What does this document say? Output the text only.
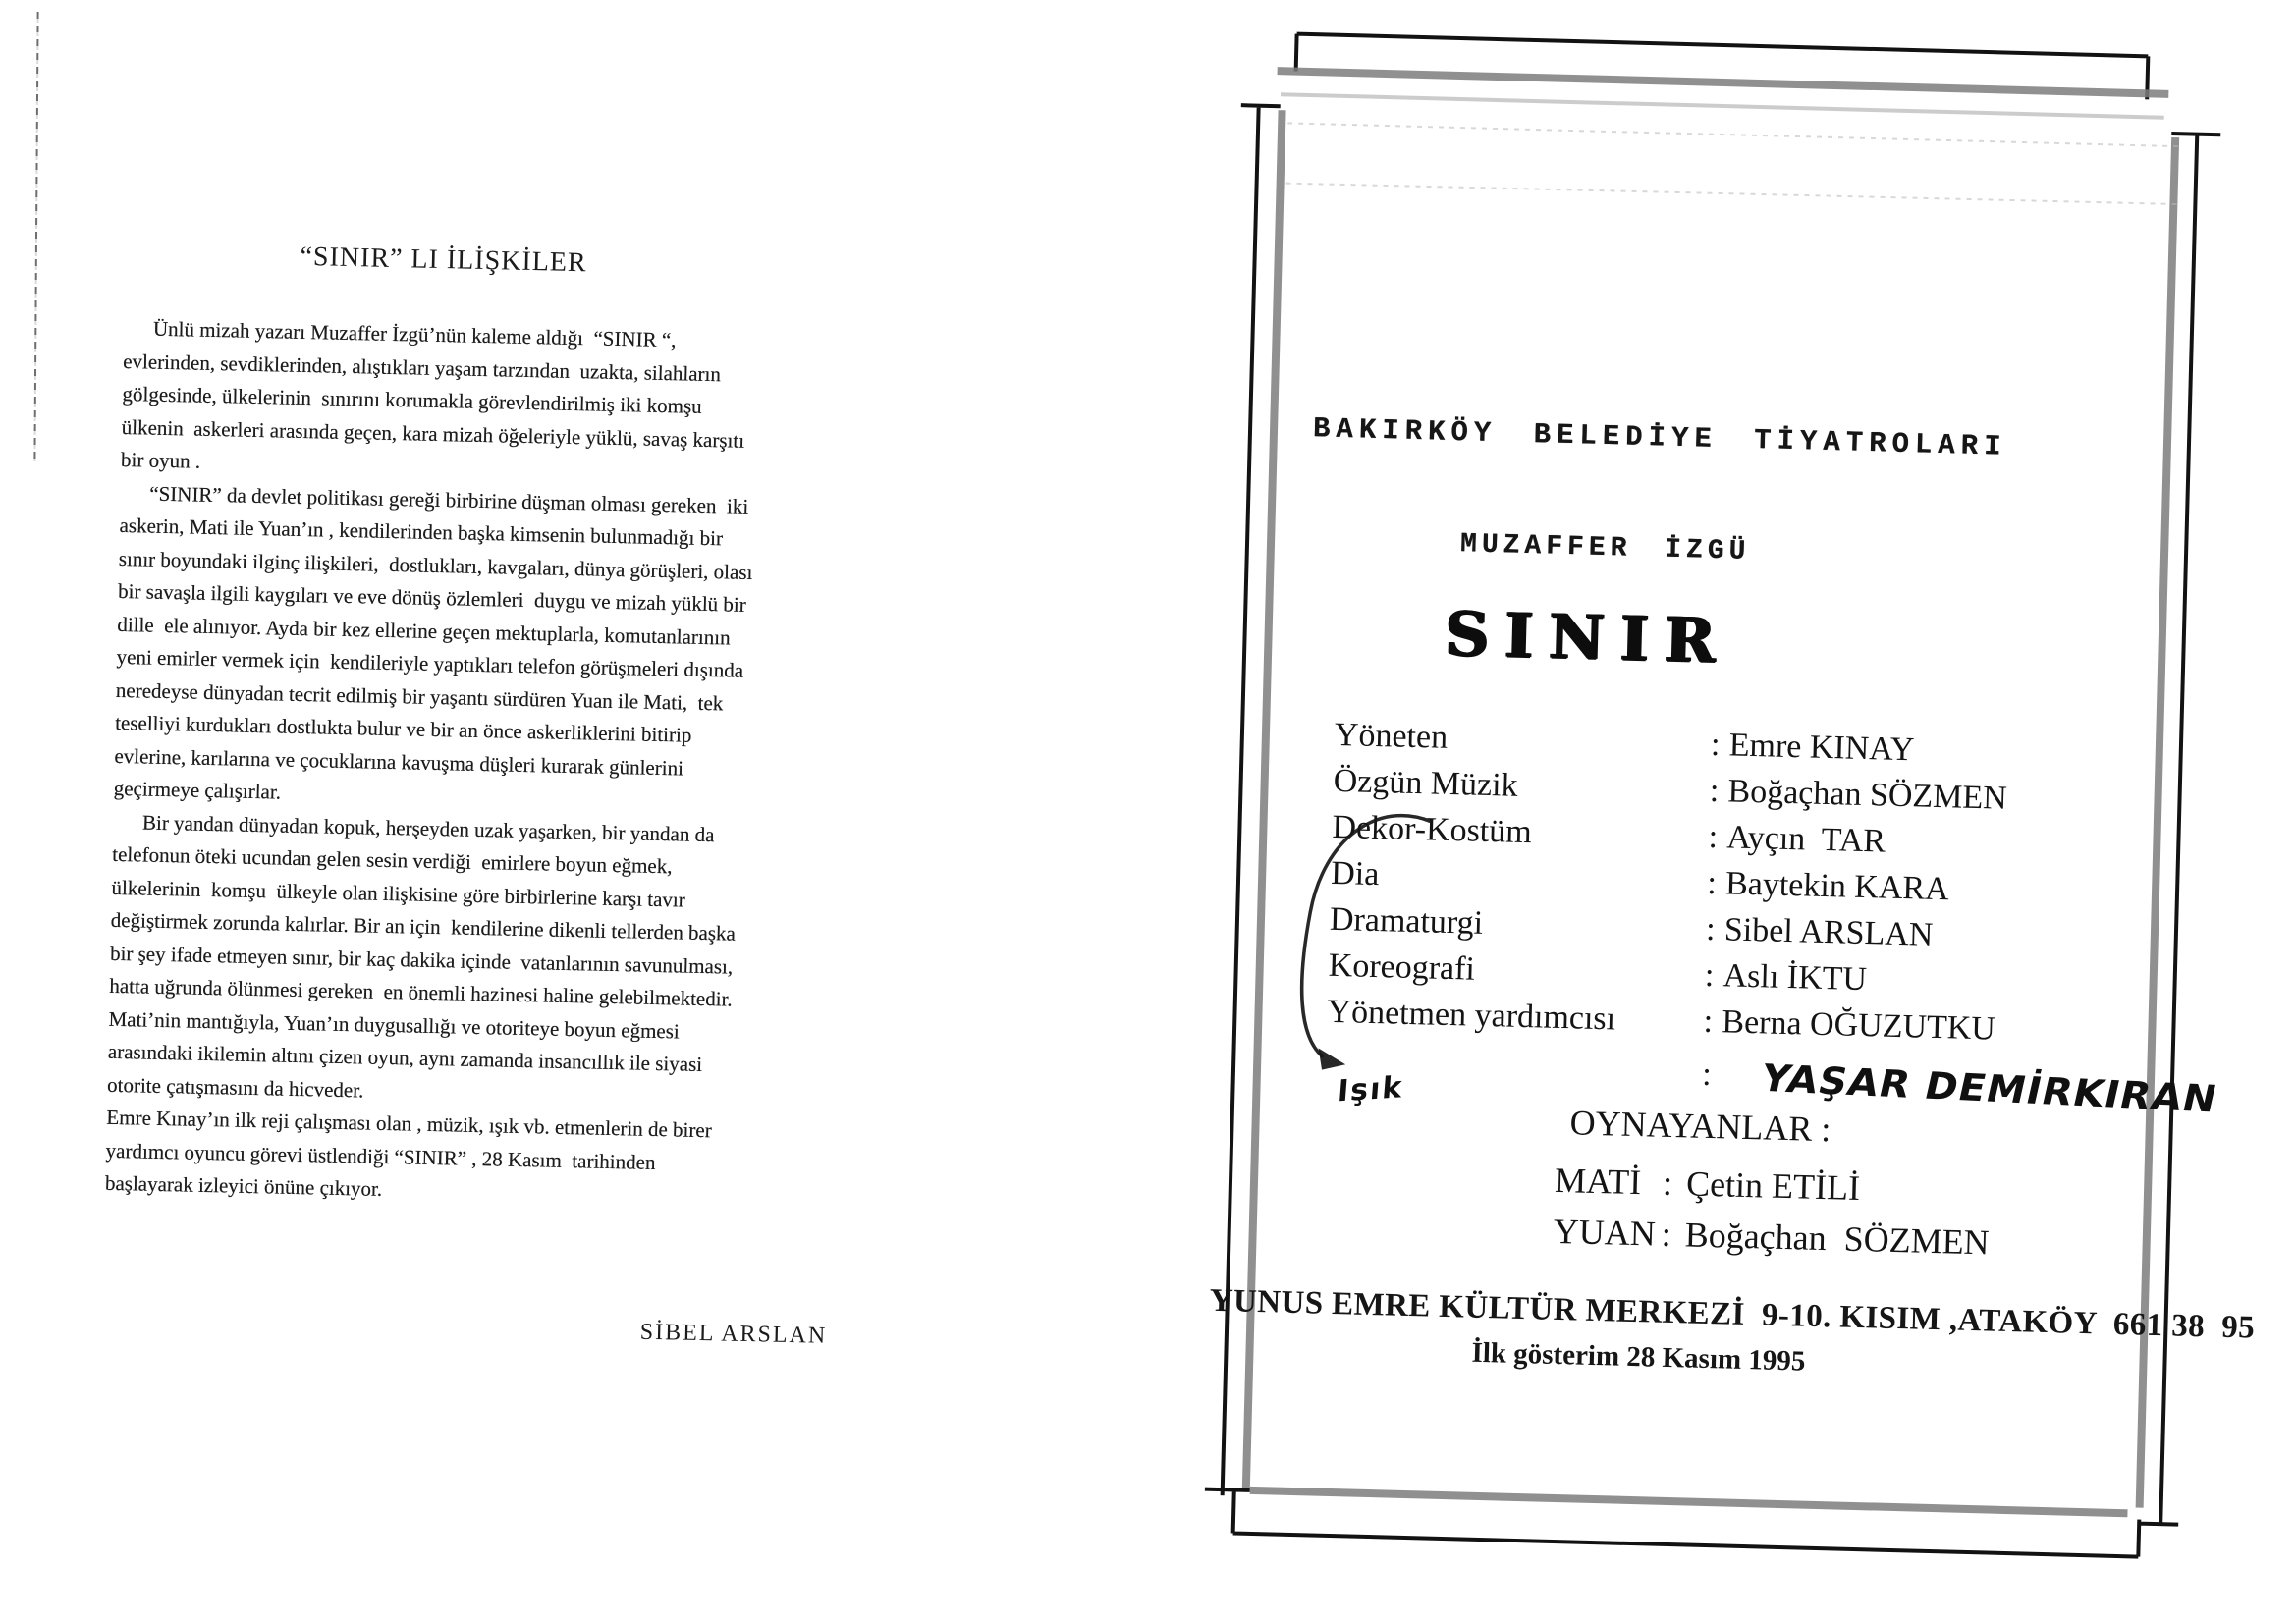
“SINIR” LI İLİŞKİLER

Ünlü mizah yazarı Muzaffer İzgü’nün kaleme aldığı  “SINIR “, evlerinden, sevdiklerinden, alıştıkları yaşam tarzından  uzakta, silahların gölgesinde, ülkelerinin  sınırını korumakla görevlendirilmiş iki komşu ülkenin  askerleri arasında geçen, kara mizah öğeleriyle yüklü, savaş karşıtı bir oyun .

“SINIR” da devlet politikası gereği birbirine düşman olması gereken  iki askerin, Mati ile Yuan’ın , kendilerinden başka kimsenin bulunmadığı bir sınır boyundaki ilginç ilişkileri,  dostlukları, kavgaları, dünya görüşleri, olası bir savaşla ilgili kaygıları ve eve dönüş özlemleri  duygu ve mizah yüklü bir dille  ele alınıyor. Ayda bir kez ellerine geçen mektuplarla, komutanlarının yeni emirler vermek için  kendileriyle yaptıkları telefon görüşmeleri dışında  neredeyse dünyadan tecrit edilmiş bir yaşantı sürdüren Yuan ile Mati,  tek teselliyi kurdukları dostlukta bulur ve bir an önce askerliklerini bitirip evlerine, karılarına ve çocuklarına kavuşma düşleri kurarak günlerini geçirmeye çalışırlar.

Bir yandan dünyadan kopuk, herşeyden uzak yaşarken, bir yandan da telefonun öteki ucundan gelen sesin verdiği  emirlere boyun eğmek, ülkelerinin  komşu  ülkeyle olan ilişkisine göre birbirlerine karşı tavır değiştirmek zorunda kalırlar. Bir an için  kendilerine dikenli tellerden başka bir şey ifade etmeyen sınır, bir kaç dakika içinde  vatanlarının savunulması, hatta uğrunda ölünmesi gereken  en önemli hazinesi haline gelebilmektedir. Mati’nin mantığıyla, Yuan’ın duygusallığı ve otoriteye boyun eğmesi  arasındaki ikilemin altını çizen oyun, aynı zamanda insancıllık ile siyasi otorite çatışmasını da hicveder.

Emre Kınay’ın ilk reji çalışması olan , müzik, ışık vb. etmenlerin de birer yardımcı oyuncu görevi üstlendiği “SINIR” , 28 Kasım  tarihinden başlayarak izleyici önüne çıkıyor.

SİBEL ARSLAN
BAKIRKÖY BELEDİYE TİYATROLARI
MUZAFFER İZGÜ
SINIR
Yöneten	: Emre KINAY
Özgün Müzik	: Boğaçhan SÖZMEN
Dekor-Kostüm	: Ayçın  TAR
Dia	: Baytekin KARA
Dramaturgi	: Sibel ARSLAN
Koreografi	: Aslı İKTU
Yönetmen yardımcısı	: Berna OĞUZUTKU
Işık	: YAŞAR DEMİRKIRAN
OYNAYANLAR :
MATİ : Çetin ETİLİ
YUAN : Boğaçhan  SÖZMEN
YUNUS EMRE KÜLTÜR MERKEZİ  9-10. KISIM ,ATAKÖY  661 38  95
İlk gösterim 28 Kasım 1995
